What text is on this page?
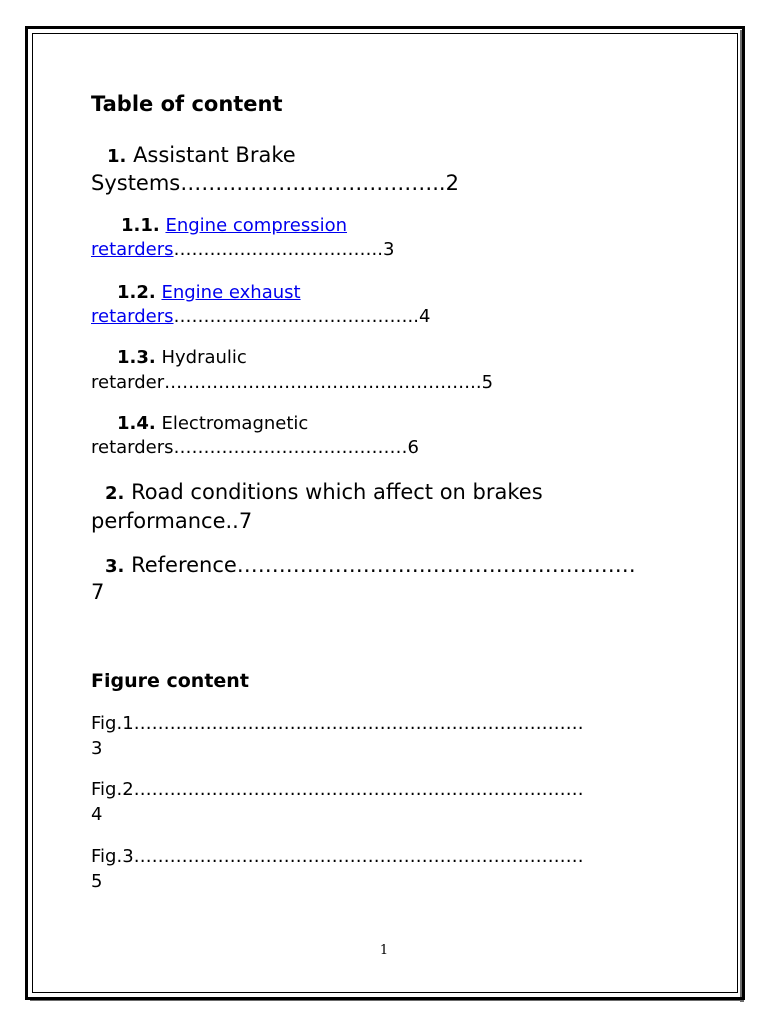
Table of content
1. Assistant Brake
Systems………………………………..2
1.1. Engine compression
retarders……………………………..3
1.2. Engine exhaust
retarders…………………………………..4
1.3. Hydraulic
retarder……………………………………………..5
1.4. Electromagnetic
retarders…………………………………6
2. Road conditions which affect on brakes
performance..7
3. Reference…………………………………………………
7
Figure content
Fig.1…………………………………………………………………
3
Fig.2…………………………………………………………………
4
Fig.3…………………………………………………………………
5
1
